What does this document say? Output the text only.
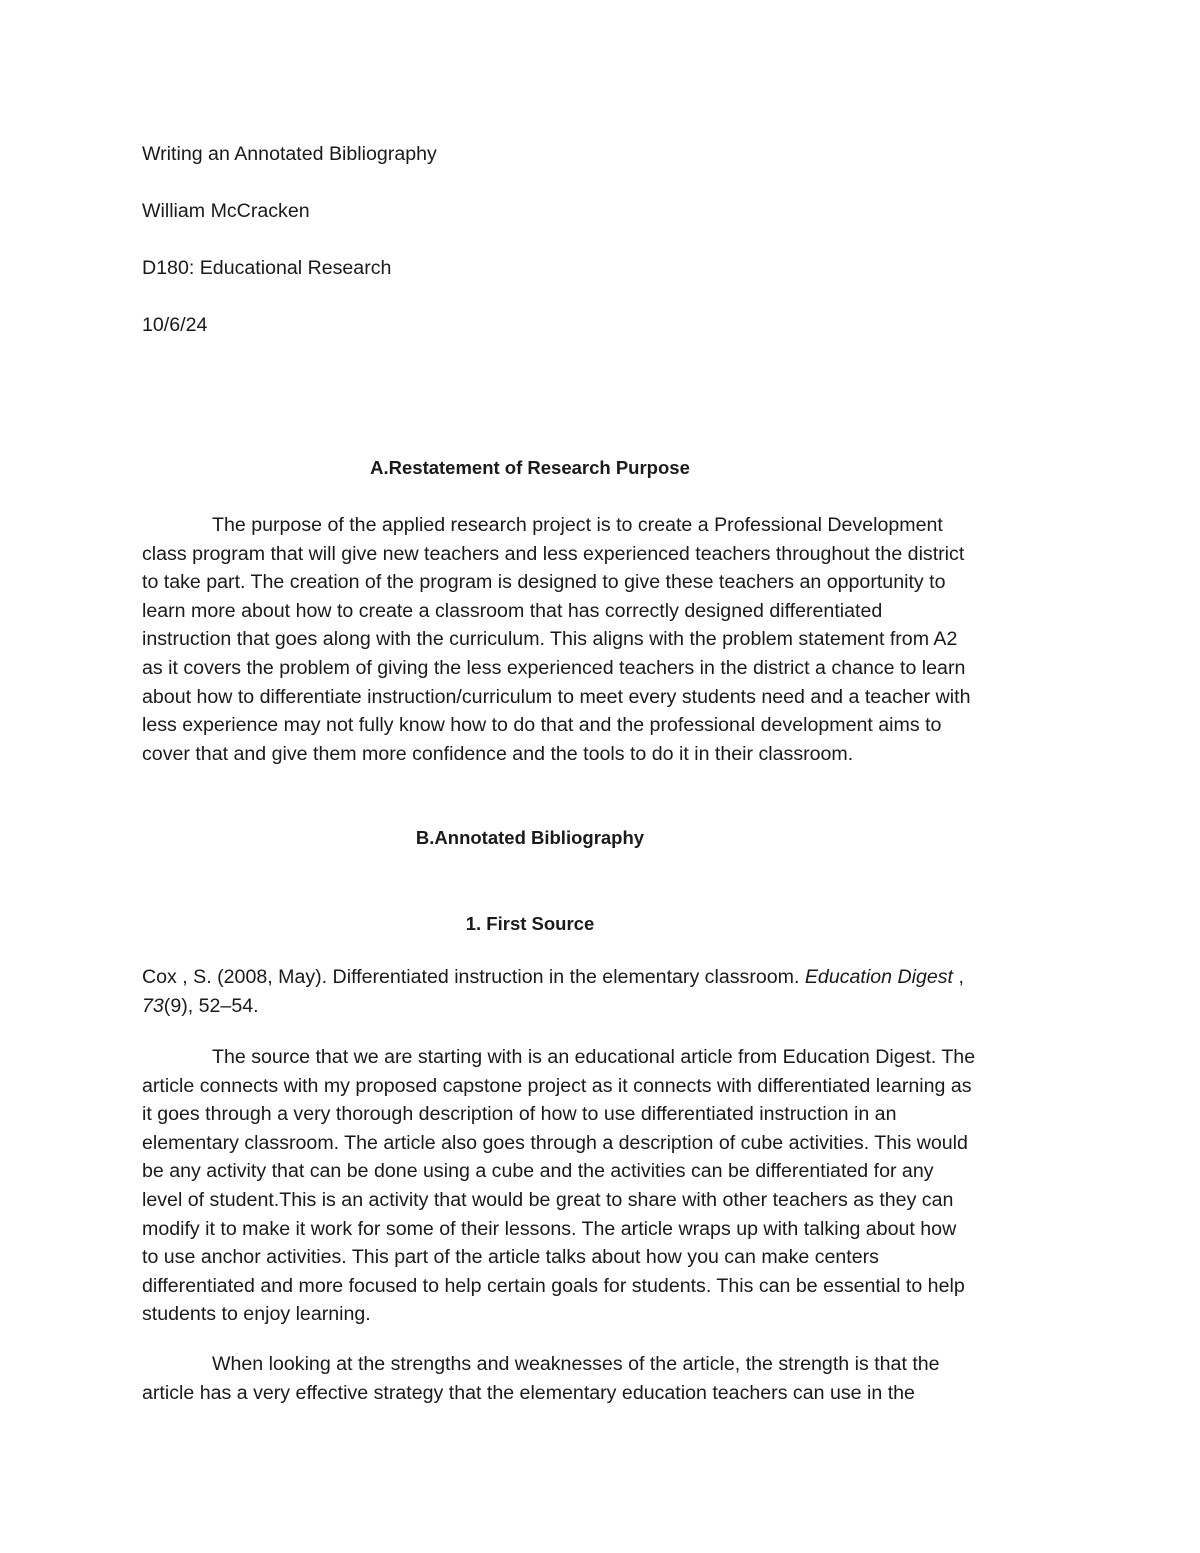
Writing an Annotated Bibliography

William McCracken

D180: Educational Research

10/6/24

A.Restatement of Research Purpose
The purpose of the applied research project is to create a Professional Development
class program that will give new teachers and less experienced teachers throughout the district
to take part. The creation of the program is designed to give these teachers an opportunity to
learn more about how to create a classroom that has correctly designed differentiated
instruction that goes along with the curriculum. This aligns with the problem statement from A2
as it covers the problem of giving the less experienced teachers in the district a chance to learn
about how to differentiate instruction/curriculum to meet every students need and a teacher with
less experience may not fully know how to do that and the professional development aims to
cover that and give them more confidence and the tools to do it in their classroom.
B.Annotated Bibliography
1. First Source
Cox , S. (2008, May). Differentiated instruction in the elementary classroom. Education Digest ,
73(9), 52–54.
The source that we are starting with is an educational article from Education Digest. The
article connects with my proposed capstone project as it connects with differentiated learning as
it goes through a very thorough description of how to use differentiated instruction in an
elementary classroom. The article also goes through a description of cube activities. This would
be any activity that can be done using a cube and the activities can be differentiated for any
level of student.This is an activity that would be great to share with other teachers as they can
modify it to make it work for some of their lessons. The article wraps up with talking about how
to use anchor activities. This part of the article talks about how you can make centers
differentiated and more focused to help certain goals for students. This can be essential to help
students to enjoy learning.
When looking at the strengths and weaknesses of the article, the strength is that the
article has a very effective strategy that the elementary education teachers can use in the
